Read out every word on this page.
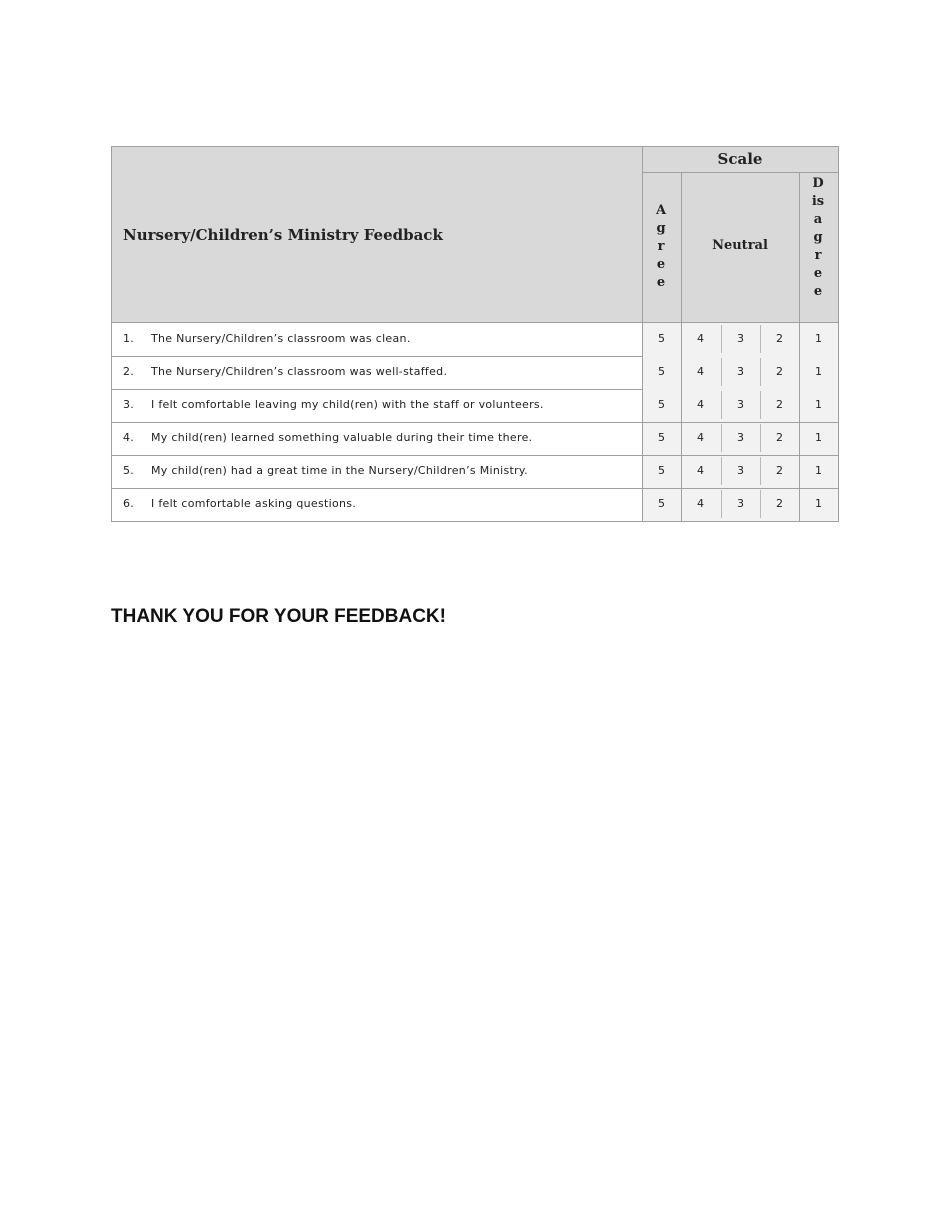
Nursery/Children’s Ministry Feedback
Scale
Agree
Neutral
Disagree
1.	The Nursery/Children’s classroom was clean.	5	4	3	2	1
2.	The Nursery/Children’s classroom was well-staffed.	5	4	3	2	1
3.	I felt comfortable leaving my child(ren) with the staff or volunteers.	5	4	3	2	1
4.	My child(ren) learned something valuable during their time there.	5	4	3	2	1
5.	My child(ren) had a great time in the Nursery/Children’s Ministry.	5	4	3	2	1
6.	I felt comfortable asking questions.	5	4	3	2	1
THANK YOU FOR YOUR FEEDBACK!
